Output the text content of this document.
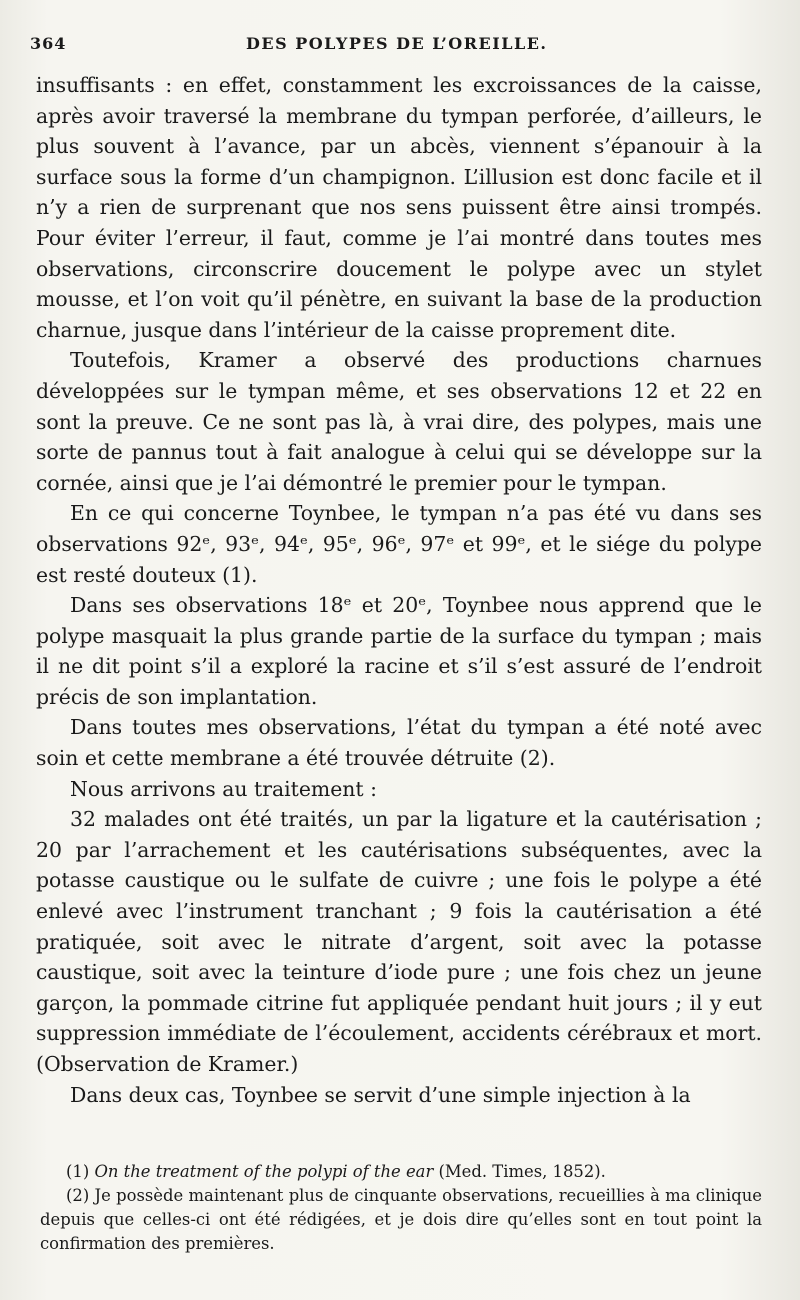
364	DES POLYPES DE L’OREILLE.

insuffisants : en effet, constamment les excroissances de la caisse, après avoir traversé la membrane du tympan perforée, d’ailleurs, le plus souvent à l’avance, par un abcès, viennent s’épanouir à la surface sous la forme d’un champignon. L’illusion est donc facile et il n’y a rien de surprenant que nos sens puissent être ainsi trompés. Pour éviter l’erreur, il faut, comme je l’ai montré dans toutes mes observations, circonscrire doucement le polype avec un stylet mousse, et l’on voit qu’il pénètre, en suivant la base de la production charnue, jusque dans l’intérieur de la caisse proprement dite.

Toutefois, Kramer a observé des productions charnues développées sur le tympan même, et ses observations 12 et 22 en sont la preuve. Ce ne sont pas là, à vrai dire, des polypes, mais une sorte de pannus tout à fait analogue à celui qui se développe sur la cornée, ainsi que je l’ai démontré le premier pour le tympan.

En ce qui concerne Toynbee, le tympan n’a pas été vu dans ses observations 92ᵉ, 93ᵉ, 94ᵉ, 95ᵉ, 96ᵉ, 97ᵉ et 99ᵉ, et le siége du polype est resté douteux (1).

Dans ses observations 18ᵉ et 20ᵉ, Toynbee nous apprend que le polype masquait la plus grande partie de la surface du tympan ; mais il ne dit point s’il a exploré la racine et s’il s’est assuré de l’endroit précis de son implantation.

Dans toutes mes observations, l’état du tympan a été noté avec soin et cette membrane a été trouvée détruite (2).

Nous arrivons au traitement :

32 malades ont été traités, un par la ligature et la cautérisation ; 20 par l’arrachement et les cautérisations subséquentes, avec la potasse caustique ou le sulfate de cuivre ; une fois le polype a été enlevé avec l’instrument tranchant ; 9 fois la cautérisation a été pratiquée, soit avec le nitrate d’argent, soit avec la potasse caustique, soit avec la teinture d’iode pure ; une fois chez un jeune garçon, la pommade citrine fut appliquée pendant huit jours ; il y eut suppression immédiate de l’écoulement, accidents cérébraux et mort. (Observation de Kramer.)

Dans deux cas, Toynbee se servit d’une simple injection à la

(1) On the treatment of the polypi of the ear (Med. Times, 1852).

(2) Je possède maintenant plus de cinquante observations, recueillies à ma clinique depuis que celles-ci ont été rédigées, et je dois dire qu’elles sont en tout point la confirmation des premières.
